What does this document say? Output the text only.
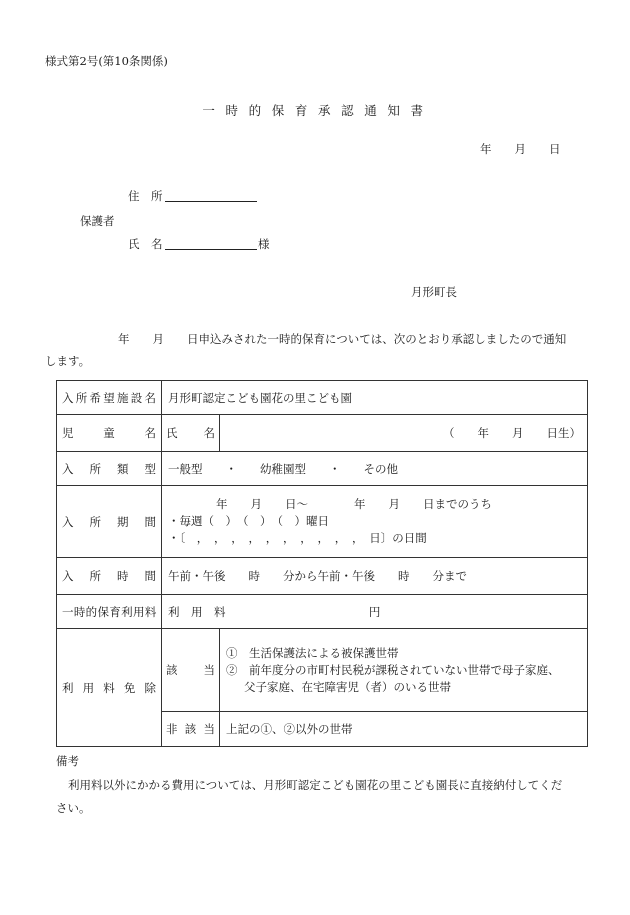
様式第2号(第10条関係)
一時的保育承認通知書
年　　月　　日
住　所
保護者
氏　名	様
月形町長
年　　月　　日申込みされた一時的保育については、次のとおり承認しましたので通知
します。
入所希望施設名	月形町認定こども園花の里こども園	
児童名	氏　名	（　　年　　月　　日生）

入所類型	一般型　　・　　幼稚園型　　・　　その他	
入所期間	年　　月　　日～　　　　年　　月　　日までのうち
・毎週（　）　（　）　（　）曜日
・〔　，　，　，　，　，　，　，　，　，　，　日〕の日間	

入所時間	午前・午後　　時　　分から午前・午後　　時　　分まで	
一時的保育利用料	利　用　料 円	
利用料免除	該当	①　生活保護法による被保護世帯
②　前年度分の市町村民税が課税されていない世帯で母子家庭、
父子家庭、在宅障害児（者）のいる世帯

	非該当	上記の①、②以外の世帯
備考
利用料以外にかかる費用については、月形町認定こども園花の里こども園長に直接納付してくだ
さい。
